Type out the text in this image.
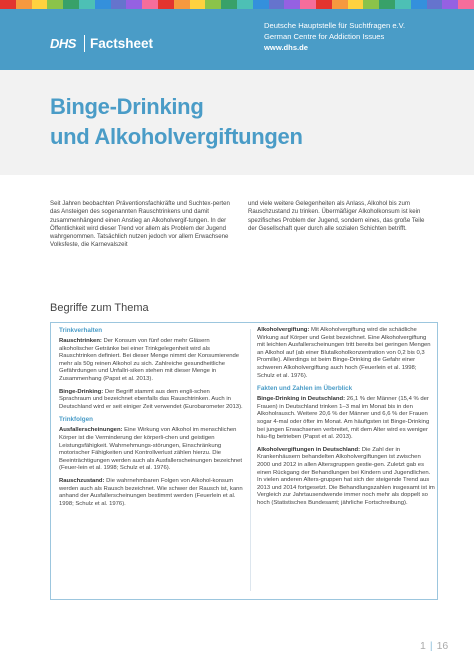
DHS Factsheet
Deutsche Hauptstelle für Suchtfragen e.V.
German Centre for Addiction Issues
www.dhs.de
Binge-Drinking
und Alkoholvergiftungen
Seit Jahren beobachten Präventionsfachkräfte und Suchtex-perten das Ansteigen des sogenannten Rauschtrinkens und damit zusammenhängend einen Anstieg an Alkoholvergif-tungen. In der Öffentlichkeit wird dieser Trend vor allem als Problem der Jugend wahrgenommen. Tatsächlich nutzen jedoch vor allem Erwachsene Volksfeste, die Karnevalszeit
und viele weitere Gelegenheiten als Anlass, Alkohol bis zum Rauschzustand zu trinken. Übermäßiger Alkoholkonsum ist kein spezifisches Problem der Jugend, sondern eines, das große Teile der Gesellschaft quer durch alle sozialen Schichten betrifft.
Begriffe zum Thema
Trinkverhalten
Rauschtrinken: Der Konsum von fünf oder mehr Gläsern alkoholischer Getränke bei einer Trinkgelegenheit wird als Rauschtrinken definiert. Bei dieser Menge nimmt der Konsumierende mehr als 50g reinen Alkohol zu sich. Zahlreiche gesundheitliche Gefährdungen und Unfallri-siken stehen mit dieser Menge in Zusammenhang (Papst et al. 2013).
Binge-Drinking: Der Begriff stammt aus dem engli-schen Sprachraum und bezeichnet ebenfalls das Rauschtrinken. Auch in Deutschland wird er seit einiger Zeit verwendet (Eurobarometer 2013).
Trinkfolgen
Ausfallerscheinungen: Eine Wirkung von Alkohol im menschlichen Körper ist die Verminderung der körperli-chen und geistigen Leistungsfähigkeit. Wahrnehmungs-störungen, Einschränkung motorischer Fähigkeiten und Kontrollverlust zählen hierzu. Die Beeinträchtigungen werden auch als Ausfallerscheinungen bezeichnet (Feuer-lein et al. 1998; Schulz et al. 1976).
Rauschzustand: Die wahrnehmbaren Folgen von Alkohol-konsum werden auch als Rausch bezeichnet. Wie schwer der Rausch ist, kann anhand der Ausfallerscheinungen bestimmt werden (Feuerlein et al. 1998; Schulz et al. 1976).
Alkoholvergiftung: Mit Alkoholvergiftung wird die schädliche Wirkung auf Körper und Geist bezeichnet. Eine Alkoholvergiftung mit leichten Ausfallerscheinungen tritt bereits bei geringen Mengen an Alkohol auf (ab einer Blutalkoholkonzentration von 0,2 bis 0,3 Promille). Allerdings ist beim Binge-Drinking die Gefahr einer schweren Alkoholvergiftung auch hoch (Feuerlein et al. 1998; Schulz et al. 1976).
Fakten und Zahlen im Überblick
Binge-Drinking in Deutschland: 26,1 % der Männer (15,4 % der Frauen) in Deutschland trinken 1–3 mal im Monat bis in den Alkoholrausch. Weitere 20,6 % der Männer und 6,6 % der Frauen sogar 4-mal oder öfter im Monat. Am häufigsten ist Binge-Drinking bei jungen Erwachsenen verbreitet, mit dem Alter wird es weniger häu-fig betrieben (Papst et al. 2013).
Alkoholvergiftungen in Deutschland: Die Zahl der in Krankenhäusern behandelten Alkoholvergiftungen ist zwischen 2000 und 2012 in allen Altersgruppen gestie-gen. Zuletzt gab es einen Rückgang der Behandlungen bei Kindern und Jugendlichen. In vielen anderen Alters-gruppen hat sich der steigende Trend aus 2013 und 2014 fortgesetzt. Die Behandlungszahlen insgesamt ist im Vergleich zur Jahrtausendwende immer noch mehr als doppelt so hoch (Statistisches Bundesamt; jährliche Fortschreibung).
1 | 16
